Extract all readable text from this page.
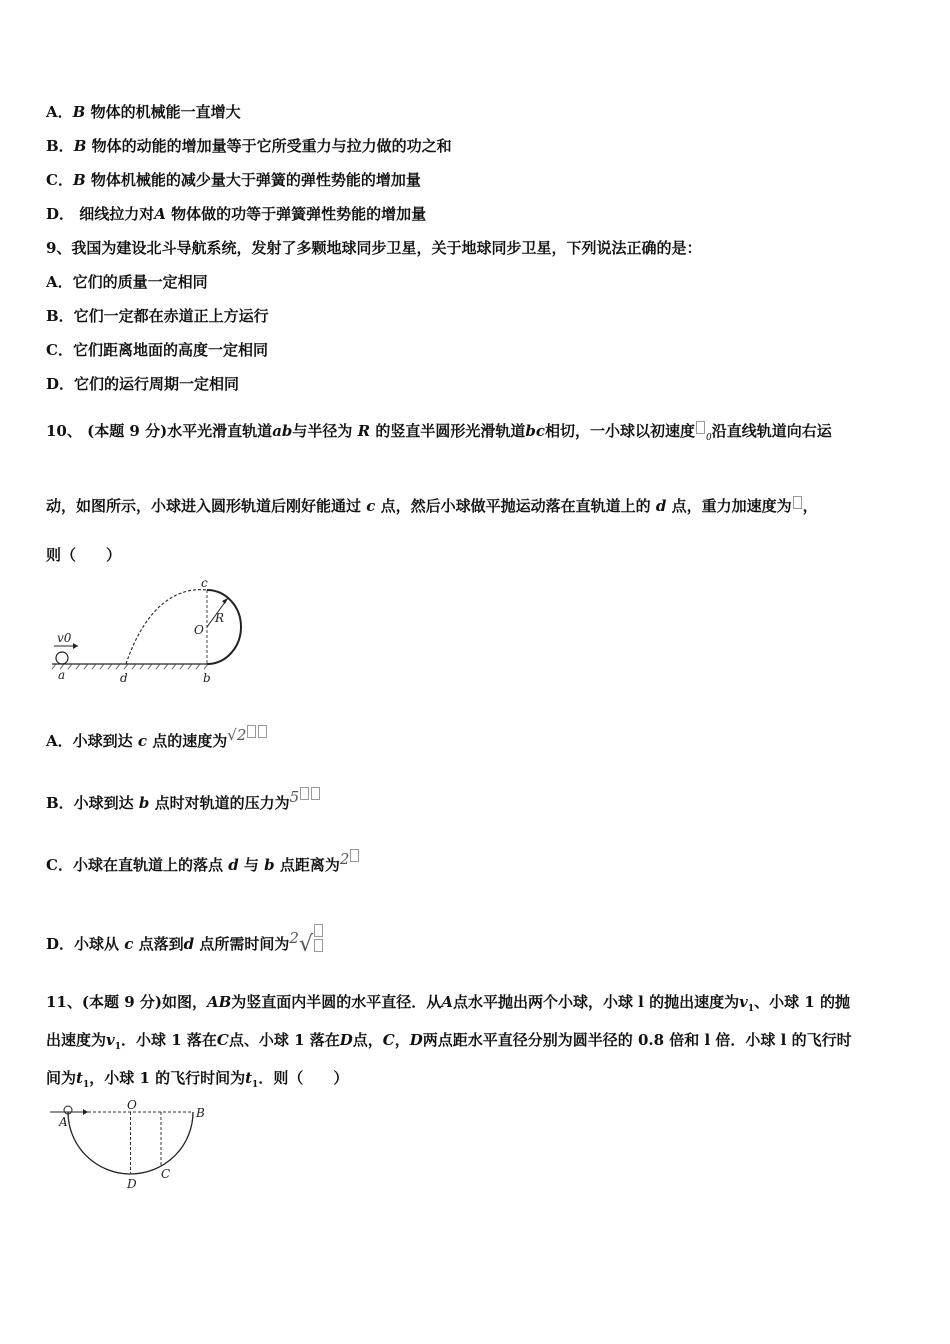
A．B 物体的机械能一直增大
B．B 物体的动能的增加量等于它所受重力与拉力做的功之和
C．B 物体机械能的减少量大于弹簧的弹性势能的增加量
D． 细线拉力对A 物体做的功等于弹簧弹性势能的增加量
9、我国为建设北斗导航系统，发射了多颗地球同步卫星，关于地球同步卫星，下列说法正确的是：
A．它们的质量一定相同
B．它们一定都在赤道正上方运行
C．它们距离地面的高度一定相同
D．它们的运行周期一定相同
10、 (本题 9 分)水平光滑直轨道ab与半径为 R 的竖直半圆形光滑轨道bc相切，一小球以初速度 $_0$沿直线轨道向右运
动，如图所示，小球进入圆形轨道后刚好能通过 c 点，然后小球做平抛运动落在直轨道上的 d 点，重力加速度为 ，
则（　　）
v0
a	d	b
c
O
R
A．小球到达 c 点的速度为√2
B．小球到达 b 点时对轨道的压力为5
C．小球在直轨道上的落点 d 与 b 点距离为2
D．小球从 c 点落到d 点所需时间为2√
11、(本题 9 分)如图，AB为竖直面内半圆的水平直径．从A点水平抛出两个小球，小球 l 的抛出速度为$v_1$、小球 1 的抛
出速度为$v_1$．小球 1 落在C点、小球 1 落在D点，C，D两点距水平直径分别为圆半径的 0.8 倍和 l 倍．小球 l 的飞行时
间为$t_1$，小球 1 的飞行时间为$t_1$．则（　　）
A
O
B
D
C
